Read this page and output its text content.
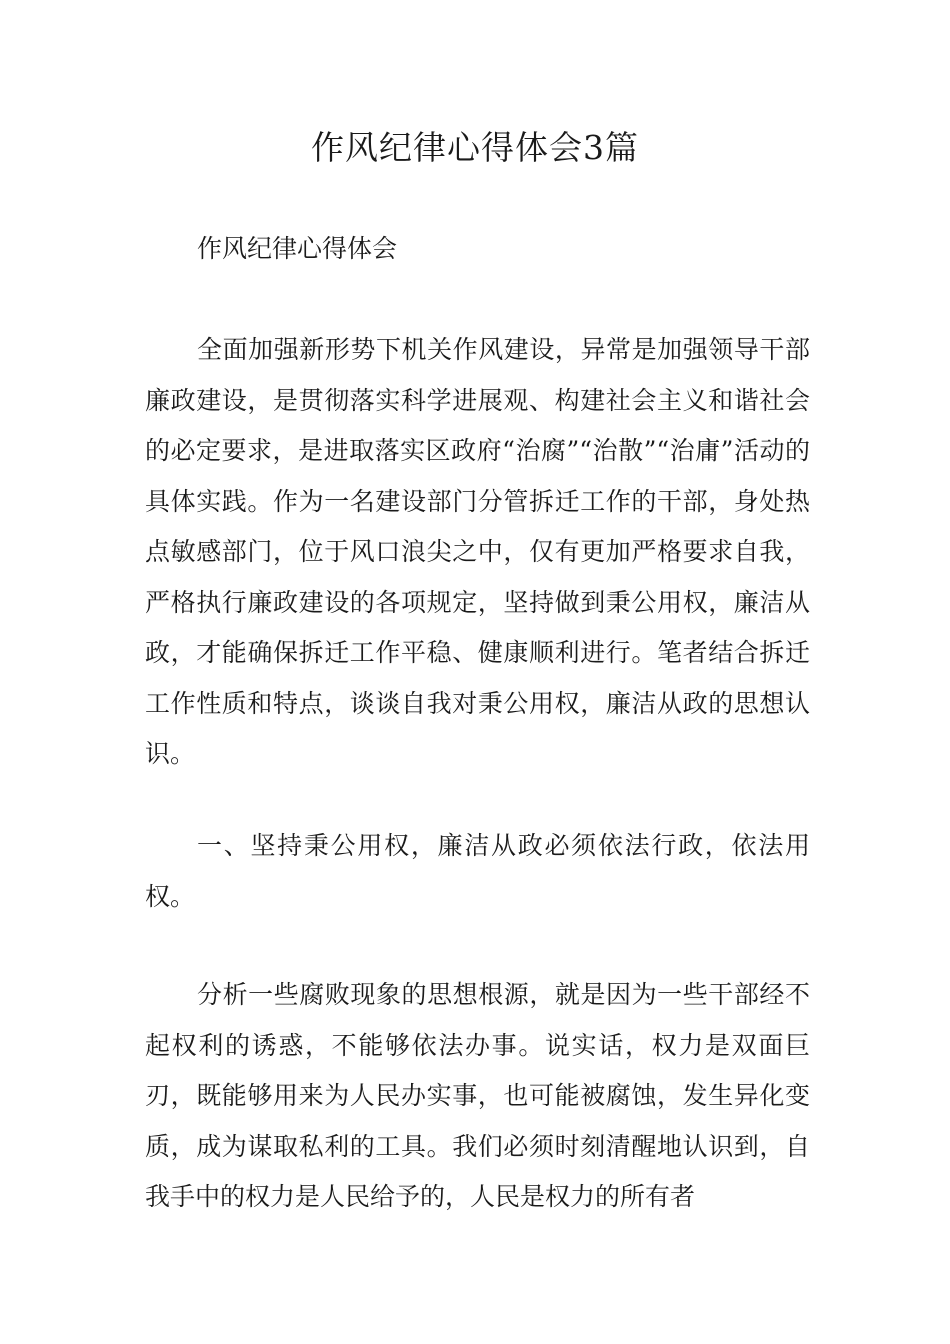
作风纪律心得体会3篇

作风纪律心得体会

全面加强新形势下机关作风建设，异常是加强领导干部廉政建设，是贯彻落实科学进展观、构建社会主义和谐社会的必定要求，是进取落实区政府“治腐”“治散”“治庸”活动的具体实践。作为一名建设部门分管拆迁工作的干部，身处热点敏感部门，位于风口浪尖之中，仅有更加严格要求自我，严格执行廉政建设的各项规定，坚持做到秉公用权，廉洁从政，才能确保拆迁工作平稳、健康顺利进行。笔者结合拆迁工作性质和特点，谈谈自我对秉公用权，廉洁从政的思想认识。

一、坚持秉公用权，廉洁从政必须依法行政，依法用权。

分析一些腐败现象的思想根源，就是因为一些干部经不起权利的诱惑，不能够依法办事。说实话，权力是双面巨刃，既能够用来为人民办实事，也可能被腐蚀，发生异化变质，成为谋取私利的工具。我们必须时刻清醒地认识到，自我手中的权力是人民给予的，人民是权力的所有者
